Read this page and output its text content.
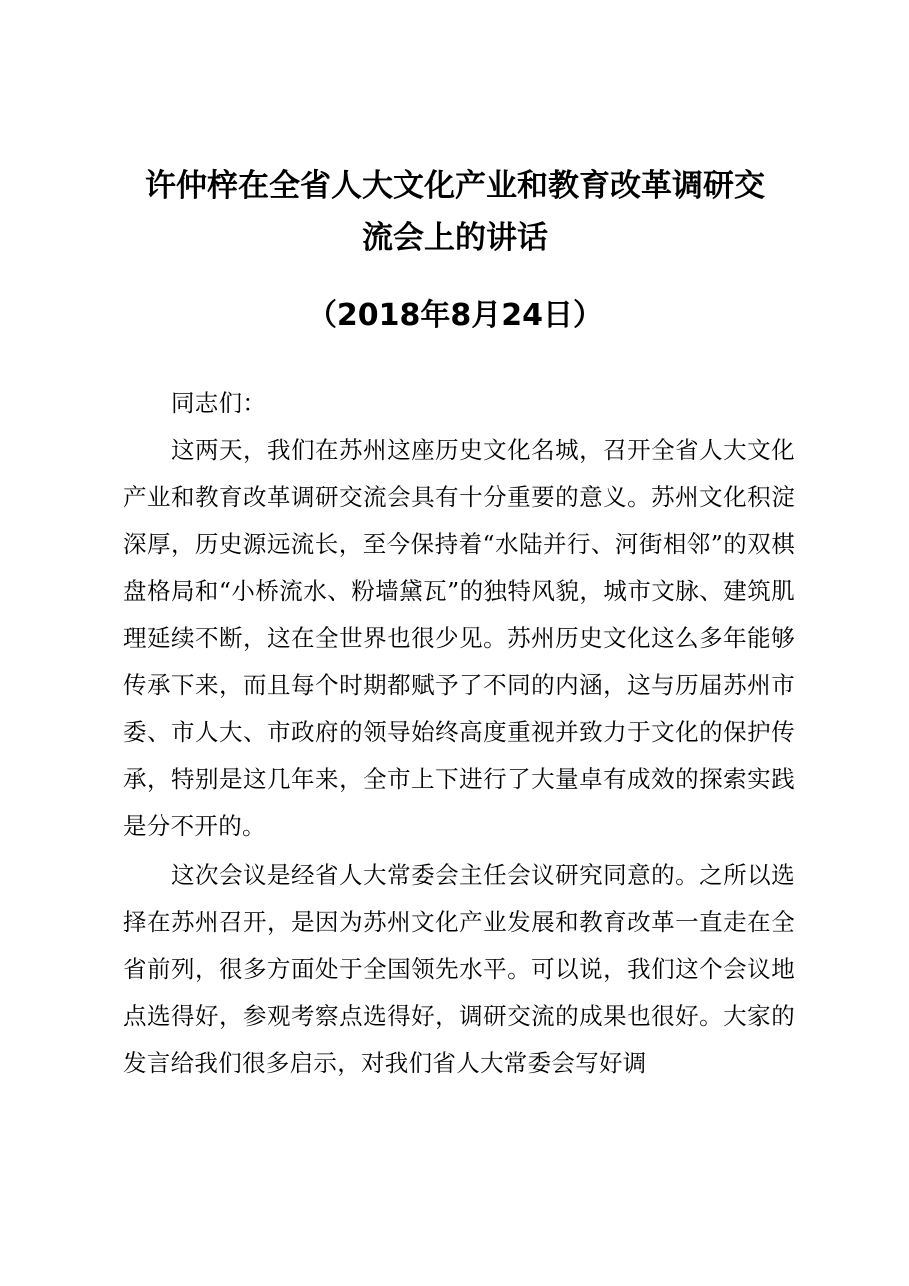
许仲梓在全省人大文化产业和教育改革调研交
流会上的讲话

（2018年8月24日）

同志们：

这两天，我们在苏州这座历史文化名城，召开全省人大文化产业和教育改革调研交流会具有十分重要的意义。苏州文化积淀深厚，历史源远流长，至今保持着“水陆并行、河街相邻”的双棋盘格局和“小桥流水、粉墙黛瓦”的独特风貌，城市文脉、建筑肌理延续不断，这在全世界也很少见。苏州历史文化这么多年能够传承下来，而且每个时期都赋予了不同的内涵，这与历届苏州市委、市人大、市政府的领导始终高度重视并致力于文化的保护传承，特别是这几年来，全市上下进行了大量卓有成效的探索实践是分不开的。

这次会议是经省人大常委会主任会议研究同意的。之所以选择在苏州召开，是因为苏州文化产业发展和教育改革一直走在全省前列，很多方面处于全国领先水平。可以说，我们这个会议地点选得好，参观考察点选得好，调研交流的成果也很好。大家的发言给我们很多启示，对我们省人大常委会写好调
